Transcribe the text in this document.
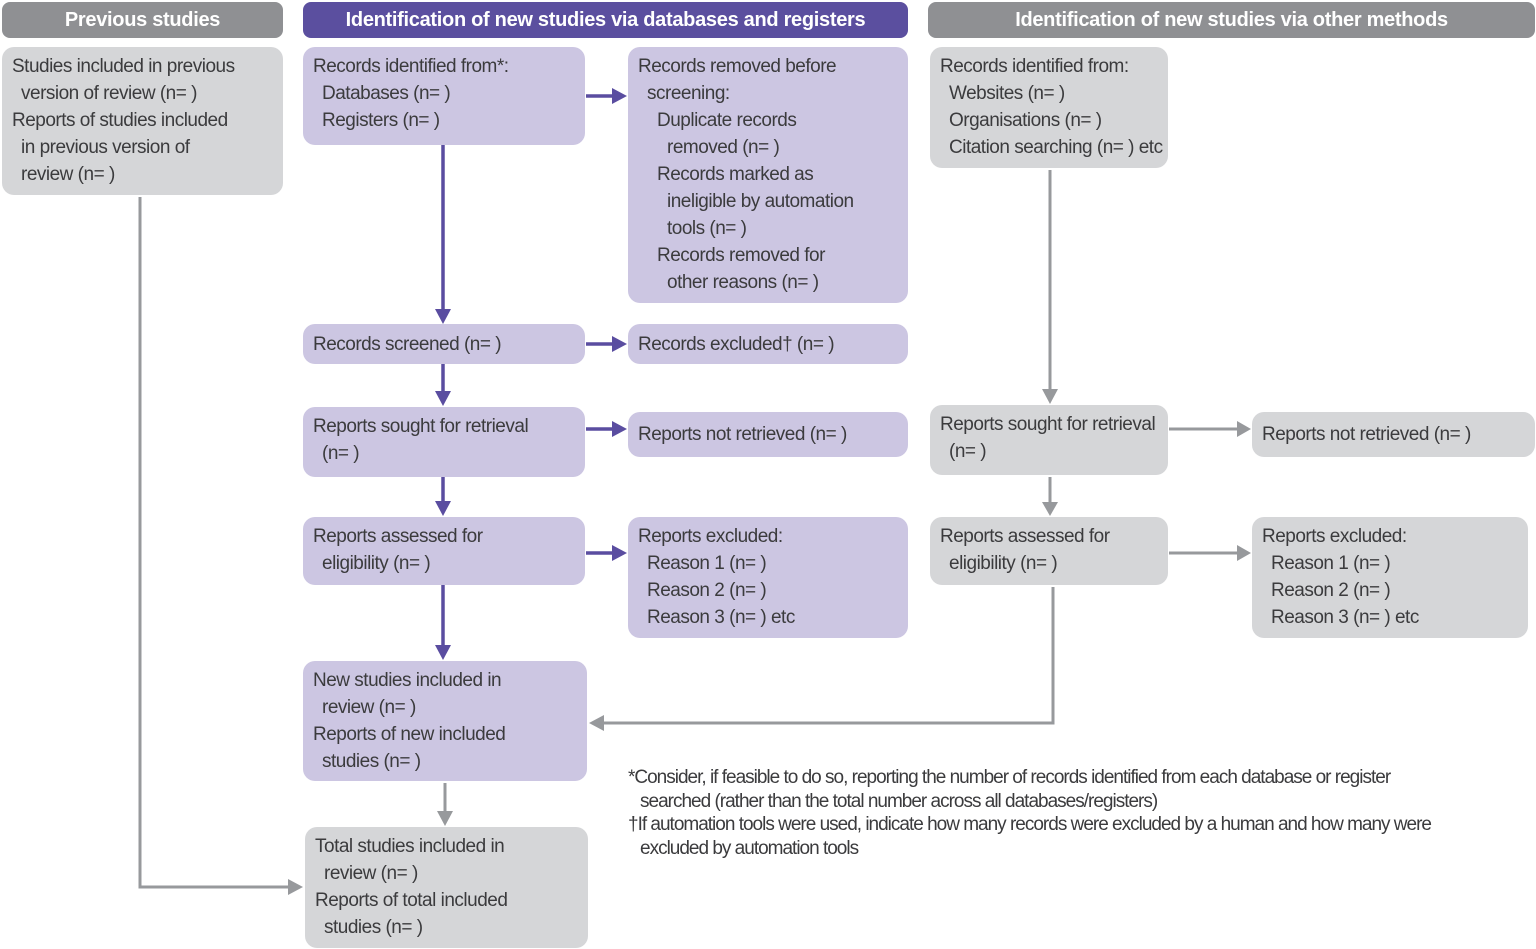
Previous studies	Identification of new studies via databases and registers	Identification of new studies via other methods
Studies included in previous
version of review (n= )
Reports of studies included
in previous version of
review (n= )
Records identified from*:
Databases (n= )
Registers (n= )
Records removed before
screening:
Duplicate records
removed (n= )
Records marked as
ineligible by automation
tools (n= )
Records removed for
other reasons (n= )
Records screened (n= )	Records excluded† (n= )
Reports sought for retrieval
(n= )
Reports not retrieved (n= )
Reports assessed for
eligibility (n= )
Reports excluded:
Reason 1 (n= )
Reason 2 (n= )
Reason 3 (n= ) etc
New studies included in
review (n= )
Reports of new included
studies (n= )
Total studies included in
review (n= )
Reports of total included
studies (n= )
Records identified from:
Websites (n= )
Organisations (n= )
Citation searching (n= ) etc
Reports sought for retrieval
(n= )
Reports not retrieved (n= )
Reports assessed for
eligibility (n= )
Reports excluded:
Reason 1 (n= )
Reason 2 (n= )
Reason 3 (n= ) etc
*Consider, if feasible to do so, reporting the number of records identified from each database or register
searched (rather than the total number across all databases/registers)
†If automation tools were used, indicate how many records were excluded by a human and how many were
excluded by automation tools
